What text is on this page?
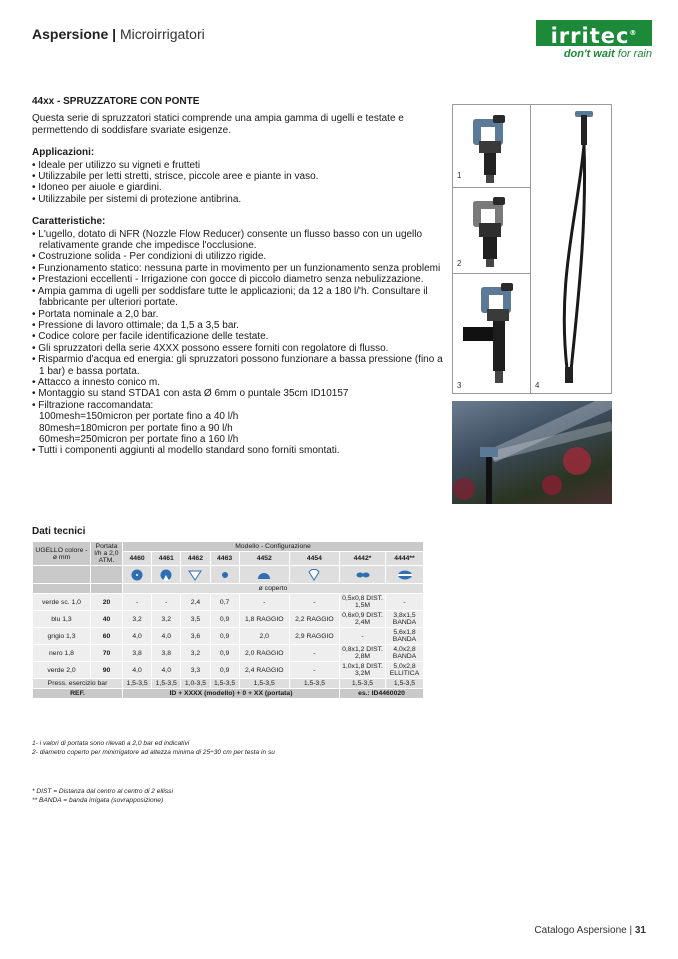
Aspersione | Microirrigatori	irritec®
don't wait for rain
44xx - SPRUZZATORE CON PONTE
Questa serie di spruzzatori statici comprende una ampia gamma di ugelli e testate e permettendo di soddisfare svariate esigenze.
Applicazioni:
• Ideale per utilizzo su vigneti e frutteti
• Utilizzabile per letti stretti, strisce, piccole aree e piante in vaso.
• Idoneo per aiuole e giardini.
• Utilizzabile per sistemi di protezione antibrina.
Caratteristiche:
• L'ugello, dotato di NFR (Nozzle Flow Reducer) consente un flusso basso con un ugello relativamente grande che impedisce l'occlusione.
• Costruzione solida - Per condizioni di utilizzo rigide.
• Funzionamento statico: nessuna parte in movimento per un funzionamento senza problemi
• Prestazioni eccellenti - Irrigazione con gocce di piccolo diametro senza nebulizzazione.
• Ampia gamma di ugelli per soddisfare tutte le applicazioni; da 12 a 180 l/'h. Consultare il fabbricante per ulteriori portate.
• Portata nominale a 2,0 bar.
• Pressione di lavoro ottimale; da 1,5 a 3,5 bar.
• Codice colore per facile identificazione delle testate.
• Gli spruzzatori della serie 4XXX possono essere forniti con regolatore di flusso.
• Risparmio d'acqua ed energia: gli spruzzatori possono funzionare a bassa pressione (fino a 1 bar) e bassa portata.
• Attacco a innesto conico m.
• Montaggio su stand STDA1 con asta Ø 6mm o puntale 35cm ID10157
• Filtrazione raccomandata:
100mesh=150micron per portate fino a 40 l/h
80mesh=180micron per portate fino a 90 l/h
60mesh=250micron per portate fino a 160 l/h
• Tutti i componenti aggiunti al modello standard sono forniti smontati.
1
2
3	4
Dati tecnici
UGELLO colore - ø mm	Portata l/h a 2,0 ATM.	Modello - Configurazione							
		4460	4461	4462	4463	4452	4454	4442*	4444**

		ø coperto							
verde sc. 1,0	20	-	-	2,4	0,7	-	-	0,5x0,8 DIST. 1,5M	-
blu 1,3	40	3,2	3,2	3,5	0,9	1,8 RAGGIO	2,2 RAGGIO	0,6x0,9 DIST. 2,4M	3,8x1,5 BANDA
grigio 1,3	60	4,0	4,0	3,6	0,9	2,0	2,9 RAGGIO	-	5,6x1,8 BANDA
nero 1,8	70	3,8	3,8	3,2	0,9	2,0 RAGGIO	-	0,8x1,2 DIST. 2,8M	4,0x2,8 BANDA
verde 2,0	90	4,0	4,0	3,3	0,9	2,4 RAGGIO	-	1,0x1,8 DIST. 3,2M	5,0x2,8 ELLITICA
Press. esercizio bar		1,5-3,5	1,5-3,5	1,0-3,5	1,5-3,5	1,5-3,5	1,5-3,5	1,5-3,5	1,5-3,5
REF.		ID + XXXX (modello) + 0 + XX (portata)						es.: ID4460020	
1- i valori di portata sono rilevati a 2,0 bar ed indicativi
2- diametro coperto per minirrigatore ad altezza minima di 25÷30 cm per testa in su
* DIST = Distanza dal centro al centro di 2 ellissi
** BANDA = banda irrigata (sovrapposizione)
Catalogo Aspersione | 31
